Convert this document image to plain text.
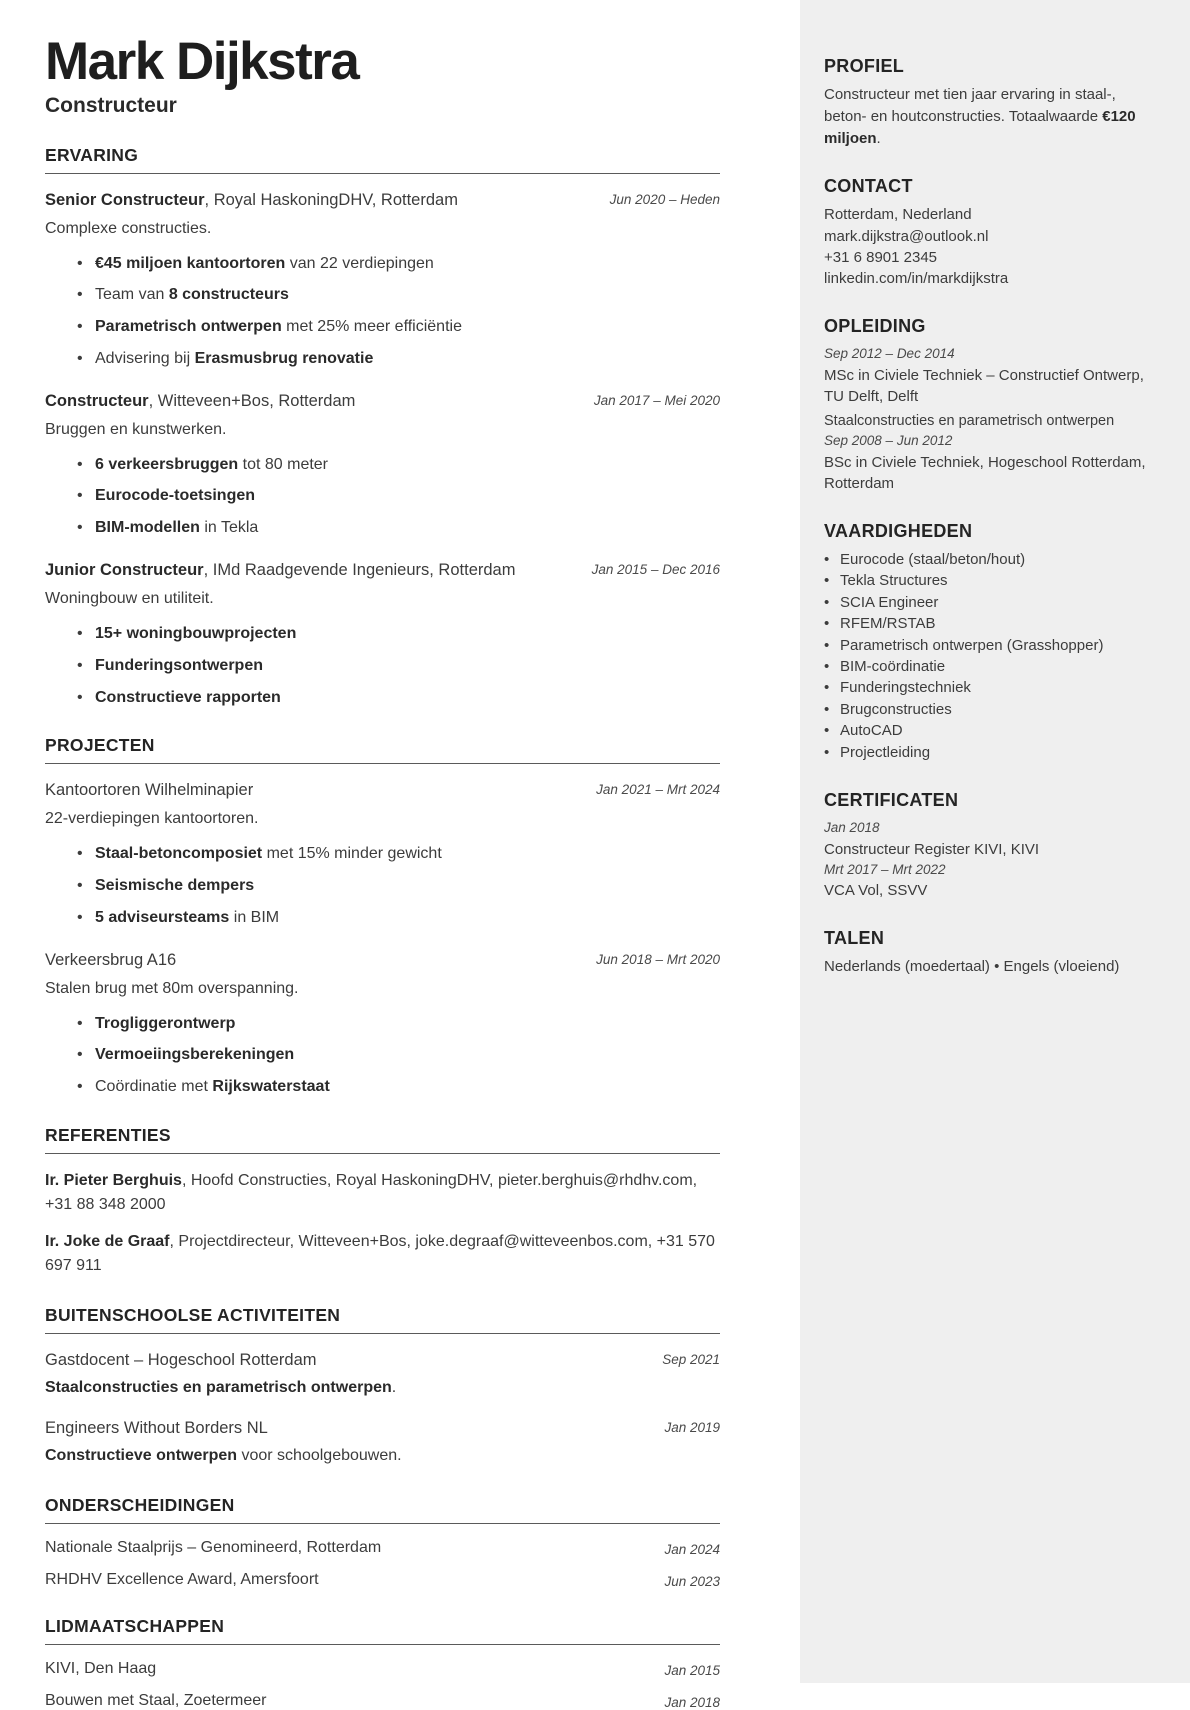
Mark Dijkstra
Constructeur
ERVARING
Senior Constructeur, Royal HaskoningDHV, Rotterdam	Jun 2020 – Heden
Complexe constructies.
• €45 miljoen kantoortoren van 22 verdiepingen
• Team van 8 constructeurs
• Parametrisch ontwerpen met 25% meer efficiëntie
• Advisering bij Erasmusbrug renovatie
Constructeur, Witteveen+Bos, Rotterdam	Jan 2017 – Mei 2020
Bruggen en kunstwerken.
• 6 verkeersbruggen tot 80 meter
• Eurocode-toetsingen
• BIM-modellen in Tekla
Junior Constructeur, IMd Raadgevende Ingenieurs, Rotterdam	Jan 2015 – Dec 2016
Woningbouw en utiliteit.
• 15+ woningbouwprojecten
• Funderingsontwerpen
• Constructieve rapporten
PROJECTEN
Kantoortoren Wilhelminapier	Jan 2021 – Mrt 2024
22-verdiepingen kantoortoren.
• Staal-betoncomposiet met 15% minder gewicht
• Seismische dempers
• 5 adviseursteams in BIM
Verkeersbrug A16	Jun 2018 – Mrt 2020
Stalen brug met 80m overspanning.
• Trogliggerontwerp
• Vermoeiingsberekeningen
• Coördinatie met Rijkswaterstaat
REFERENTIES

Ir. Pieter Berghuis, Hoofd Constructies, Royal HaskoningDHV, pieter.berghuis@rhdhv.com, +31 88 348 2000

Ir. Joke de Graaf, Projectdirecteur, Witteveen+Bos, joke.degraaf@witteveenbos.com, +31 570 697 911

BUITENSCHOOLSE ACTIVITEITEN
Gastdocent – Hogeschool Rotterdam	Sep 2021
Staalconstructies en parametrisch ontwerpen.
Engineers Without Borders NL	Jan 2019
Constructieve ontwerpen voor schoolgebouwen.
ONDERSCHEIDINGEN
Nationale Staalprijs – Genomineerd, Rotterdam	Jan 2024
RHDHV Excellence Award, Amersfoort	Jun 2023
LIDMAATSCHAPPEN
KIVI, Den Haag	Jan 2015
Bouwen met Staal, Zoetermeer	Jan 2018
PROFIEL
Constructeur met tien jaar ervaring in staal-, beton- en houtconstructies. Totaalwaarde €120 miljoen.
CONTACT
Rotterdam, Nederland
mark.dijkstra@outlook.nl
+31 6 8901 2345
linkedin.com/in/markdijkstra
OPLEIDING
Sep 2012 – Dec 2014
MSc in Civiele Techniek – Constructief Ontwerp, TU Delft, Delft
Staalconstructies en parametrisch ontwerpen
Sep 2008 – Jun 2012
BSc in Civiele Techniek, Hogeschool Rotterdam, Rotterdam
VAARDIGHEDEN
• Eurocode (staal/beton/hout)
• Tekla Structures
• SCIA Engineer
• RFEM/RSTAB
• Parametrisch ontwerpen (Grasshopper)
• BIM-coördinatie
• Funderingstechniek
• Brugconstructies
• AutoCAD
• Projectleiding
CERTIFICATEN
Jan 2018
Constructeur Register KIVI, KIVI
Mrt 2017 – Mrt 2022
VCA Vol, SSVV
TALEN
Nederlands (moedertaal) • Engels (vloeiend)
